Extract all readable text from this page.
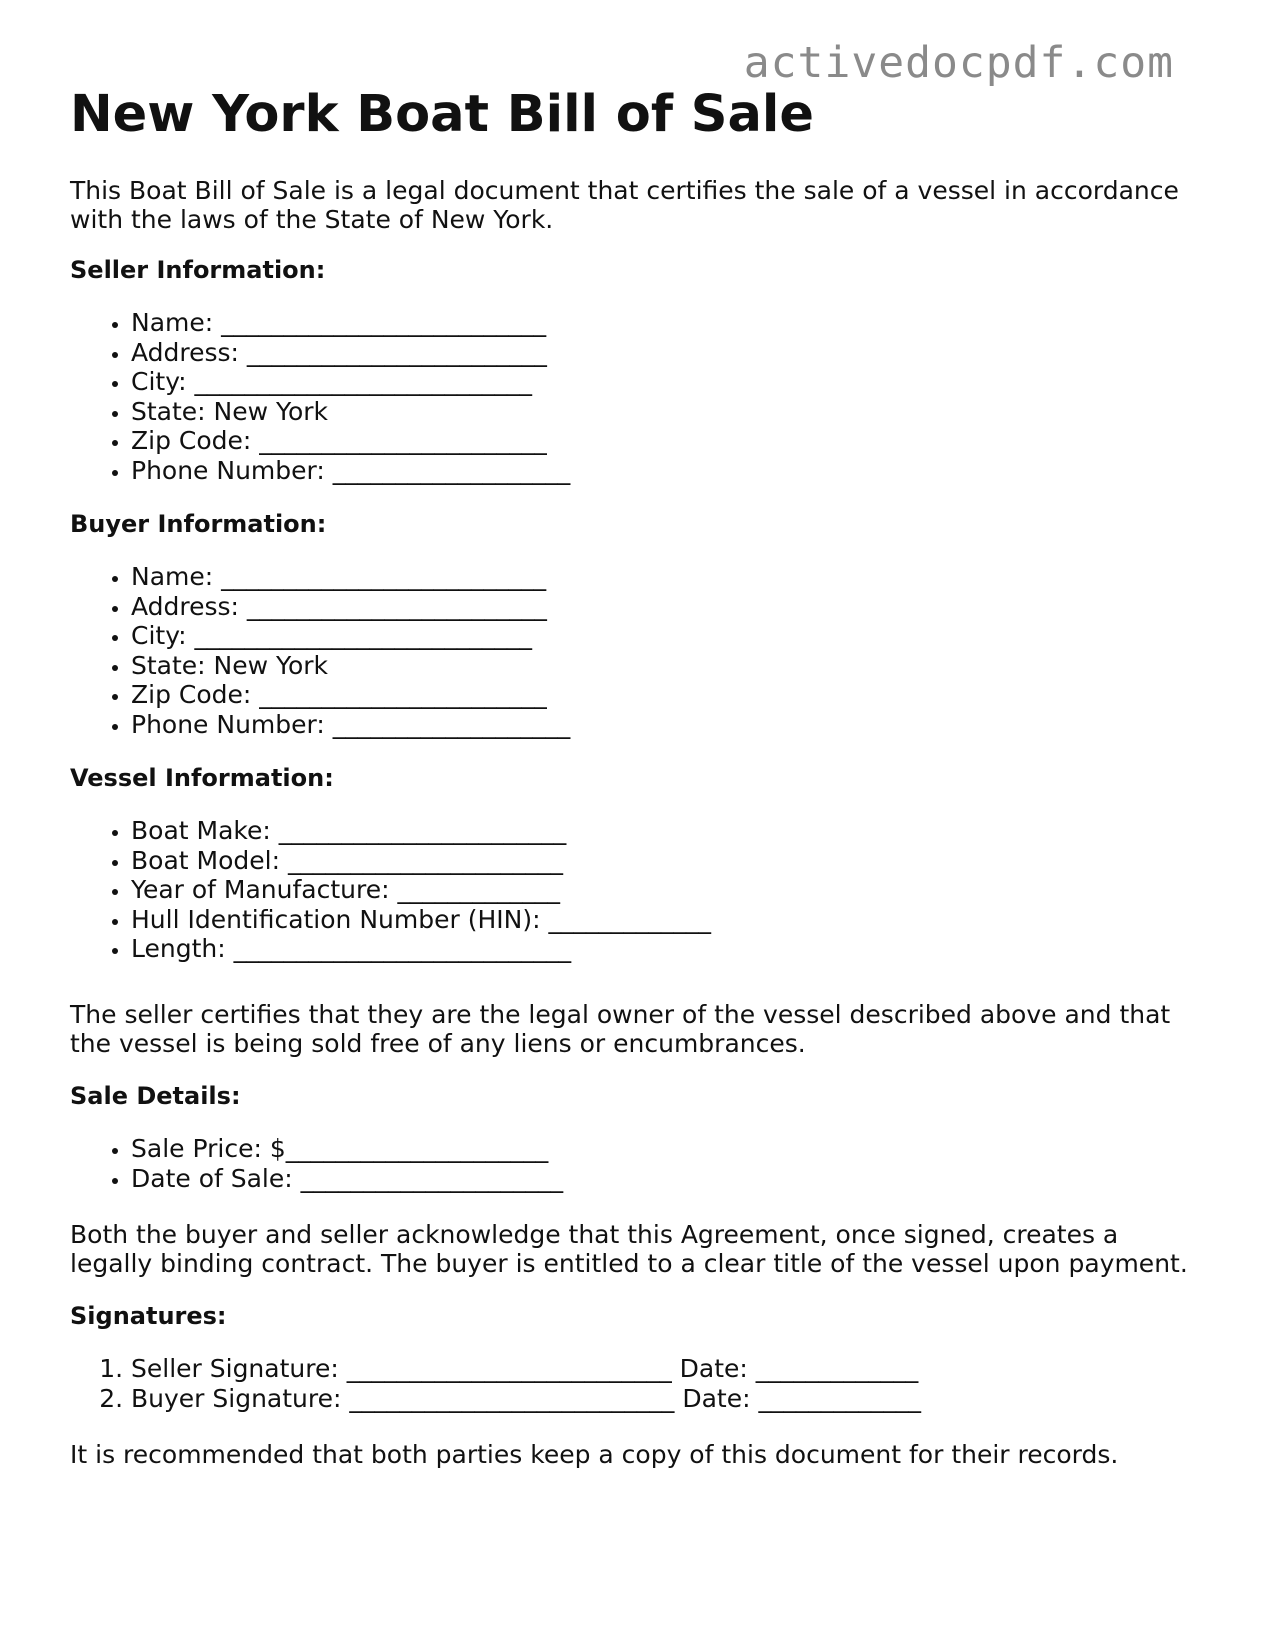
activedocpdf.com
New York Boat Bill of Sale

This Boat Bill of Sale is a legal document that certifies the sale of a vessel in accordance with the laws of the State of New York.

Seller Information:
• Name: __________________________
• Address: ________________________
• City: ___________________________
• State: New York
• Zip Code: _______________________
• Phone Number: ___________________
Buyer Information:
• Name: __________________________
• Address: ________________________
• City: ___________________________
• State: New York
• Zip Code: _______________________
• Phone Number: ___________________
Vessel Information:
• Boat Make: _______________________
• Boat Model: ______________________
• Year of Manufacture: _____________
• Hull Identification Number (HIN): _____________
• Length: ___________________________

The seller certifies that they are the legal owner of the vessel described above and that the vessel is being sold free of any liens or encumbrances.

Sale Details:
• Sale Price: $_____________________
• Date of Sale: _____________________

Both the buyer and seller acknowledge that this Agreement, once signed, creates a legally binding contract. The buyer is entitled to a clear title of the vessel upon payment.

Signatures:
1. Seller Signature: __________________________ Date: _____________
2. Buyer Signature: __________________________ Date: _____________

It is recommended that both parties keep a copy of this document for their records.
